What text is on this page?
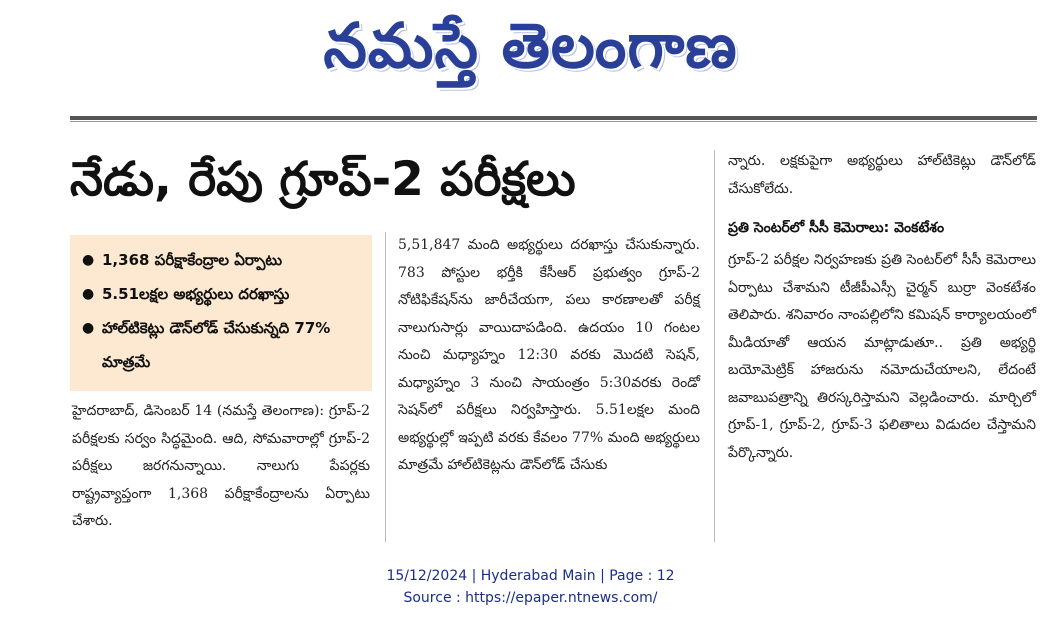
నమస్తే తెలంగాణ
నేడు, రేపు గ్రూప్‌-2 పరీక్షలు
● 1,368 పరీక్షాకేంద్రాల ఏర్పాటు
● 5.51లక్షల అభ్యర్థులు దరఖాస్తు
● హాల్‌టికెట్లు డౌన్‌లోడ్‌ చేసుకున్నది 77% మాత్రమే

హైదరాబాద్‌, డిసెంబర్‌ 14 (నమస్తే తెలంగాణ): గ్రూప్‌-2 పరీక్షలకు సర్వం సిద్ధమైంది. ఆది, సోమవారాల్లో గ్రూప్‌-2 పరీక్షలు జరగనున్నాయి. నాలుగు పేపర్లకు రాష్ట్రవ్యాప్తంగా 1,368 పరీక్షాకేంద్రాలను ఏర్పాటు చేశారు.

5,51,847 మంది అభ్యర్థులు దరఖాస్తు చేసుకున్నారు. 783 పోస్టుల భర్తీకి కేసీఆర్‌ ప్రభుత్వం గ్రూప్‌-2 నోటిఫికేషన్‌ను జారీచేయగా, పలు కారణాలతో పరీక్ష నాలుగుసార్లు వాయిదాపడింది. ఉదయం 10 గంటల నుంచి మధ్యాహ్నం 12:30 వరకు మొదటి సెషన్‌, మధ్యాహ్నం 3 నుంచి సాయంత్రం 5:30వరకు రెండో సెషన్‌లో పరీక్షలు నిర్వహిస్తారు. 5.51లక్షల మంది అభ్యర్థుల్లో ఇప్పటి వరకు కేవలం 77% మంది అభ్యర్థులు మాత్రమే హాల్‌టికెట్లను డౌన్‌లోడ్‌ చేసుకు

న్నారు. లక్షకుపైగా అభ్యర్థులు హాల్‌టికెట్లు డౌన్‌లోడ్‌ చేసుకోలేదు.

ప్రతి సెంటర్‌లో సీసీ కెమెరాలు: వెంకటేశం

గ్రూప్‌-2 పరీక్షల నిర్వహణకు ప్రతి సెంటర్‌లో సీసీ కెమెరాలు ఏర్పాటు చేశామని టీజీపీఎస్సీ చైర్మన్‌ బుర్రా వెంకటేశం తెలిపారు. శనివారం నాంపల్లిలోని కమిషన్‌ కార్యాలయంలో మీడియాతో ఆయన మాట్లాడుతూ.. ప్రతి అభ్యర్థి బయోమెట్రిక్‌ హాజరును నమోదుచేయాలని, లేదంటే జవాబుపత్రాన్ని తిరస్కరిస్తామని వెల్లడించారు. మార్చిలో గ్రూప్‌-1, గ్రూప్‌-2, గ్రూప్‌-3 ఫలితాలు విడుదల చేస్తామని పేర్కొన్నారు.

15/12/2024 | Hyderabad Main | Page : 12
Source : https://epaper.ntnews.com/
